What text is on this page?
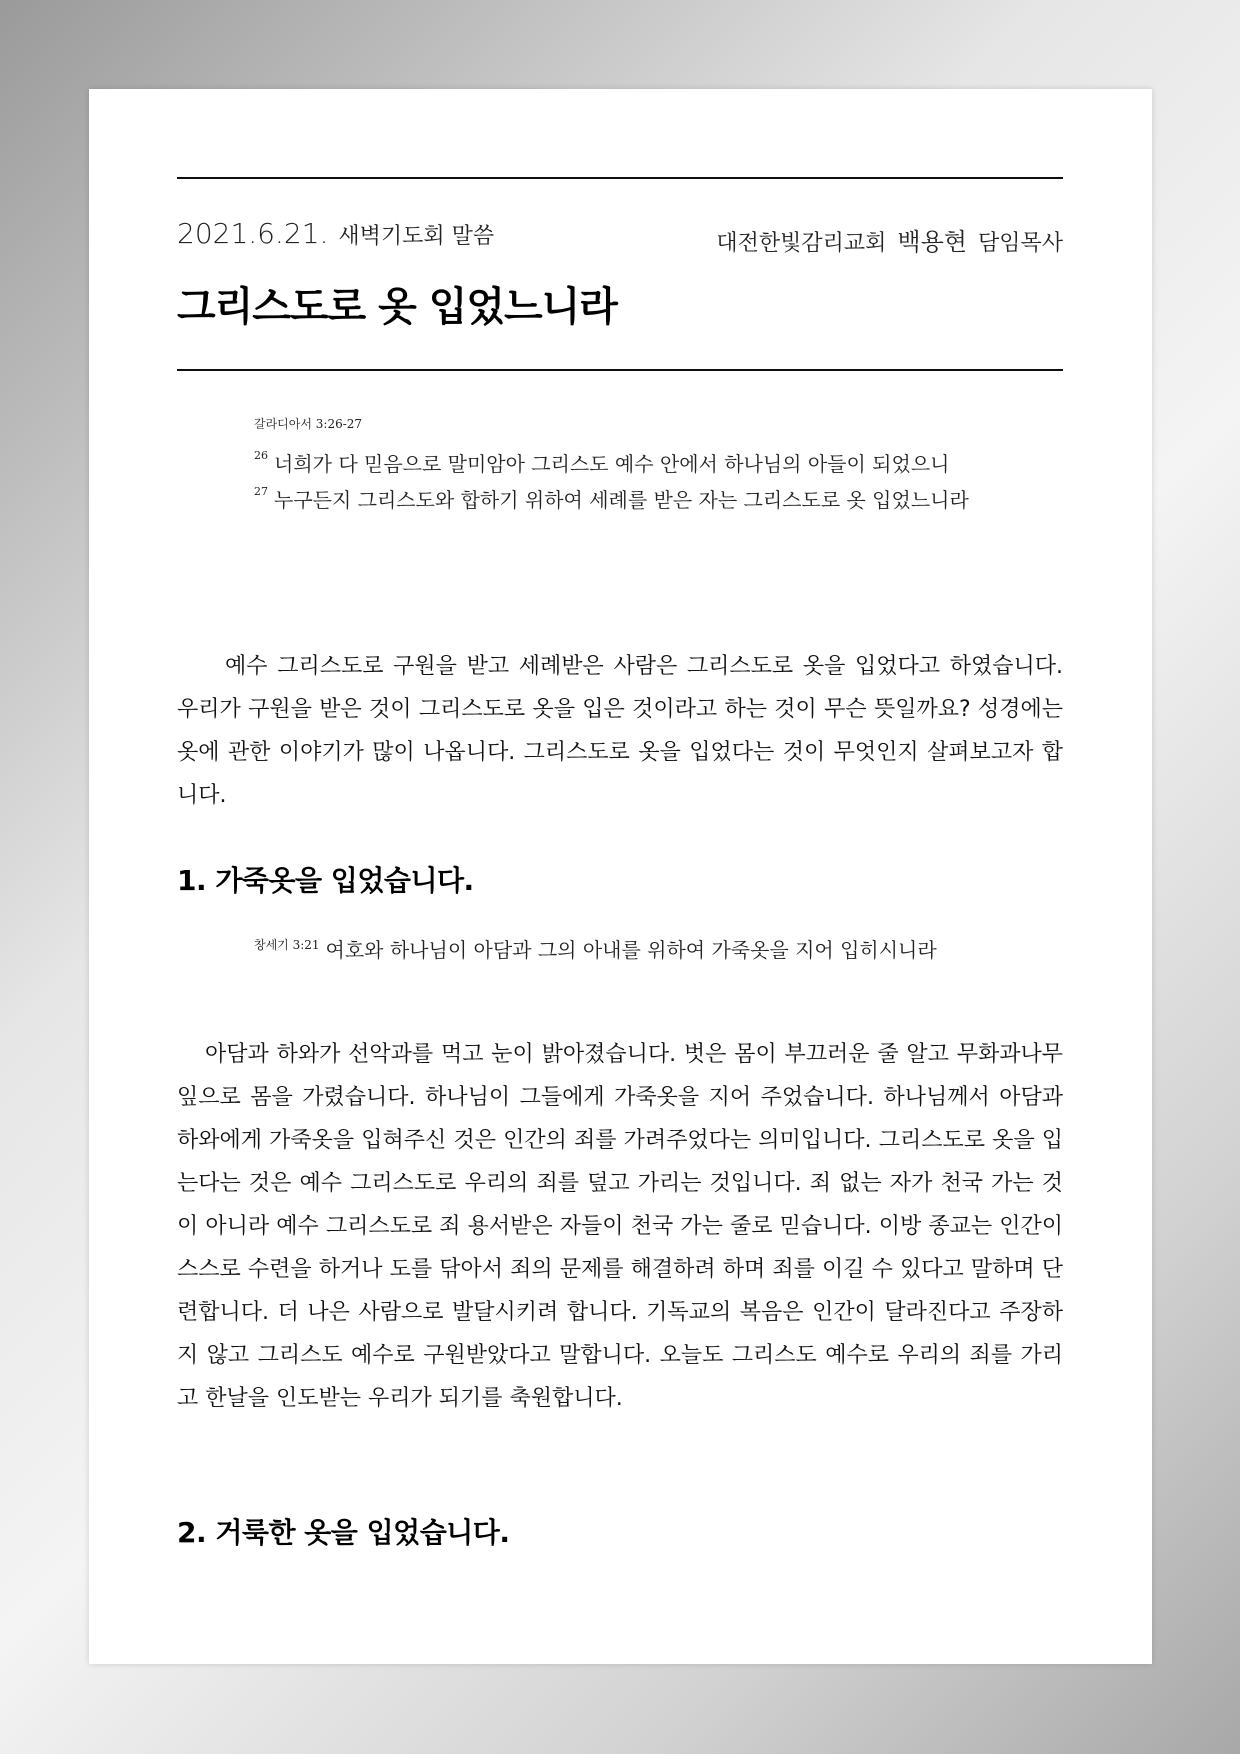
2021.6.21. 새벽기도회 말씀	대전한빛감리교회 백용현 담임목사
그리스도로 옷 입었느니라
갈라디아서 3:26-27

26 너희가 다 믿음으로 말미암아 그리스도 예수 안에서 하나님의 아들이 되었으니

27 누구든지 그리스도와 합하기 위하여 세례를 받은 자는 그리스도로 옷 입었느니라

예수 그리스도로 구원을 받고 세례받은 사람은 그리스도로 옷을 입었다고 하였습니다. 우리가 구원을 받은 것이 그리스도로 옷을 입은 것이라고 하는 것이 무슨 뜻일까요? 성경에는 옷에 관한 이야기가 많이 나옵니다. 그리스도로 옷을 입었다는 것이 무엇인지 살펴보고자 합니다.

1. 가죽옷을 입었습니다.
$^{창세기 3:21}$ 여호와 하나님이 아담과 그의 아내를 위하여 가죽옷을 지어 입히시니라

아담과 하와가 선악과를 먹고 눈이 밝아졌습니다. 벗은 몸이 부끄러운 줄 알고 무화과나무 잎으로 몸을 가렸습니다. 하나님이 그들에게 가죽옷을 지어 주었습니다. 하나님께서 아담과 하와에게 가죽옷을 입혀주신 것은 인간의 죄를 가려주었다는 의미입니다. 그리스도로 옷을 입는다는 것은 예수 그리스도로 우리의 죄를 덮고 가리는 것입니다. 죄 없는 자가 천국 가는 것이 아니라 예수 그리스도로 죄 용서받은 자들이 천국 가는 줄로 믿습니다. 이방 종교는 인간이 스스로 수련을 하거나 도를 닦아서 죄의 문제를 해결하려 하며 죄를 이길 수 있다고 말하며 단련합니다. 더 나은 사람으로 발달시키려 합니다. 기독교의 복음은 인간이 달라진다고 주장하지 않고 그리스도 예수로 구원받았다고 말합니다. 오늘도 그리스도 예수로 우리의 죄를 가리고 한날을 인도받는 우리가 되기를 축원합니다.

2. 거룩한 옷을 입었습니다.
